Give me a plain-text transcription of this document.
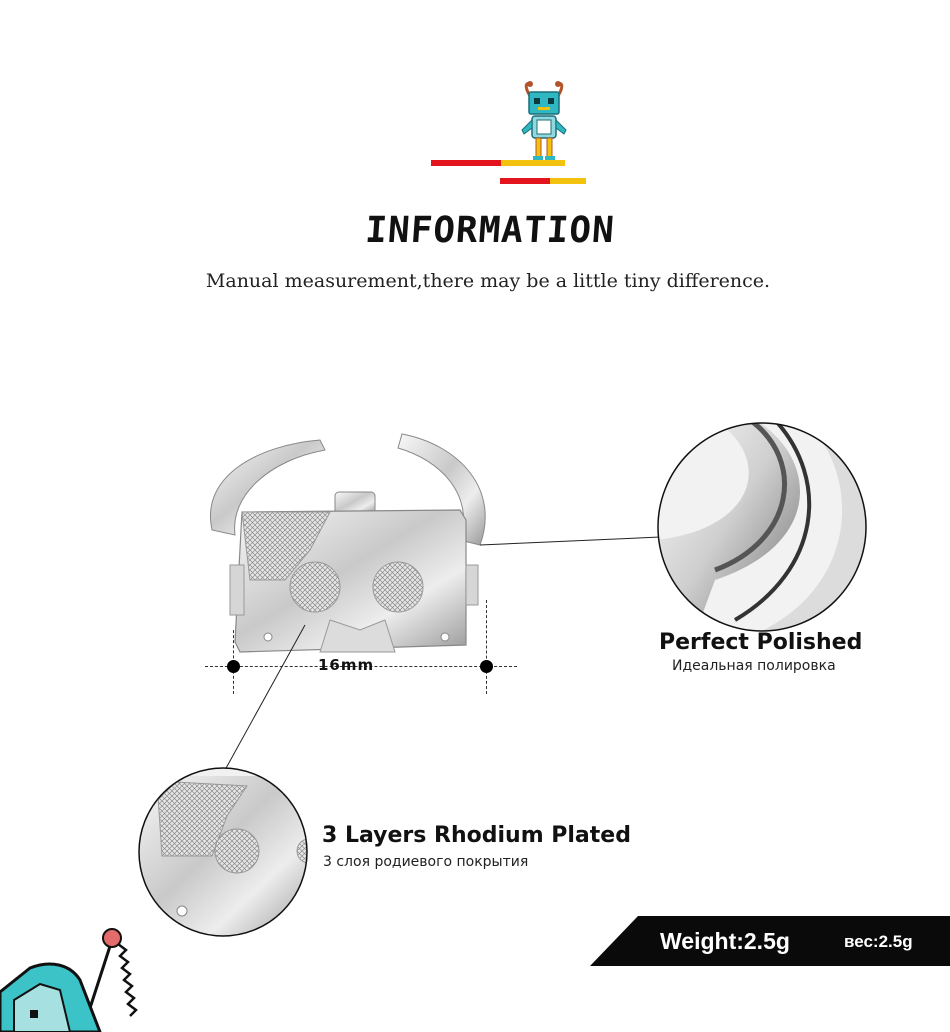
INFORMATION
Manual measurement,there may be a little tiny difference.
16mm
Perfect Polished
Идеальная полировка
3 Layers Rhodium Plated
3 слоя родиевого покрытия
Weight:2.5g	вес:2.5g
